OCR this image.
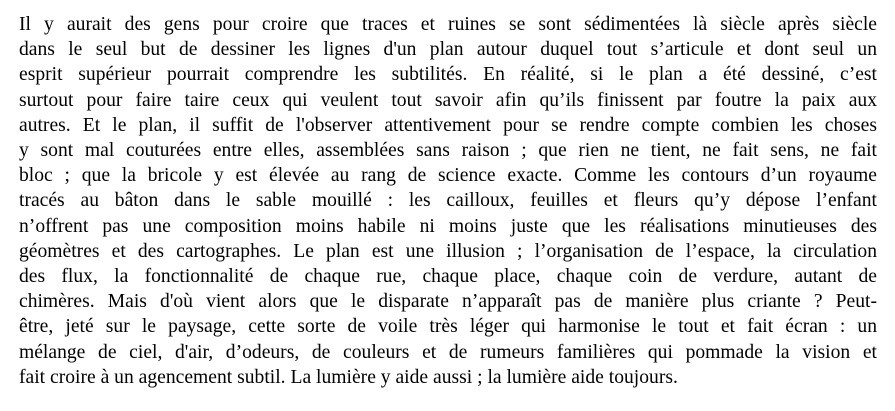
Il y aurait des gens pour croire que traces et ruines se sont sédimentées là siècle après siècle
dans le seul but de dessiner les lignes d'un plan autour duquel tout s’articule et dont seul un
esprit supérieur pourrait comprendre les subtilités. En réalité, si le plan a été dessiné, c’est
surtout pour faire taire ceux qui veulent tout savoir afin qu’ils finissent par foutre la paix aux
autres. Et le plan, il suffit de l'observer attentivement pour se rendre compte combien les choses
y sont mal couturées entre elles, assemblées sans raison ; que rien ne tient, ne fait sens, ne fait
bloc ; que la bricole y est élevée au rang de science exacte. Comme les contours d’un royaume
tracés au bâton dans le sable mouillé : les cailloux, feuilles et fleurs qu’y dépose l’enfant
n’offrent pas une composition moins habile ni moins juste que les réalisations minutieuses des
géomètres et des cartographes. Le plan est une illusion ; l’organisation de l’espace, la circulation
des flux, la fonctionnalité de chaque rue, chaque place, chaque coin de verdure, autant de
chimères. Mais d'où vient alors que le disparate n’apparaît pas de manière plus criante ? Peut-
être, jeté sur le paysage, cette sorte de voile très léger qui harmonise le tout et fait écran : un
mélange de ciel, d'air, d’odeurs, de couleurs et de rumeurs familières qui pommade la vision et
fait croire à un agencement subtil. La lumière y aide aussi ; la lumière aide toujours.
